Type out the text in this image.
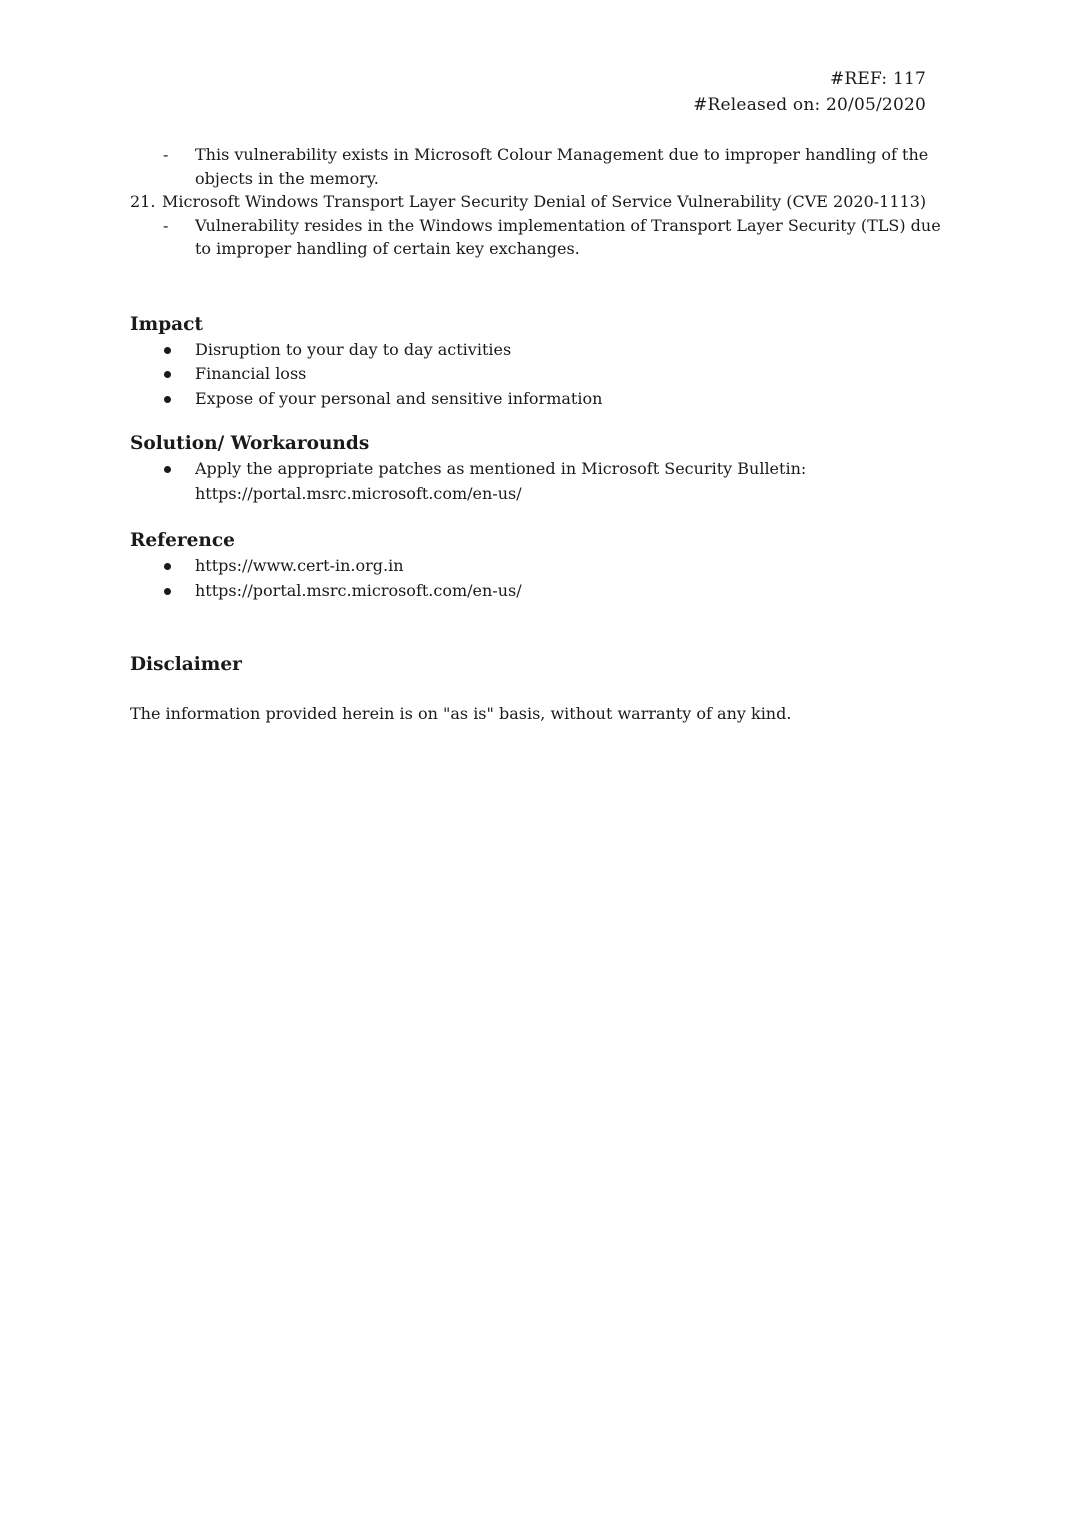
#REF: 117
#Released on: 20/05/2020
- This vulnerability exists in Microsoft Colour Management due to improper handling of the objects in the memory.
21. Microsoft Windows Transport Layer Security Denial of Service Vulnerability (CVE 2020-1113)
- Vulnerability resides in the Windows implementation of Transport Layer Security (TLS) due to improper handling of certain key exchanges.
Impact
Disruption to your day to day activities
Financial loss
Expose of your personal and sensitive information
Solution/ Workarounds
Apply the appropriate patches as mentioned in Microsoft Security Bulletin:
https://portal.msrc.microsoft.com/en-us/
Reference
https://www.cert-in.org.in
https://portal.msrc.microsoft.com/en-us/
Disclaimer
The information provided herein is on "as is" basis, without warranty of any kind.
